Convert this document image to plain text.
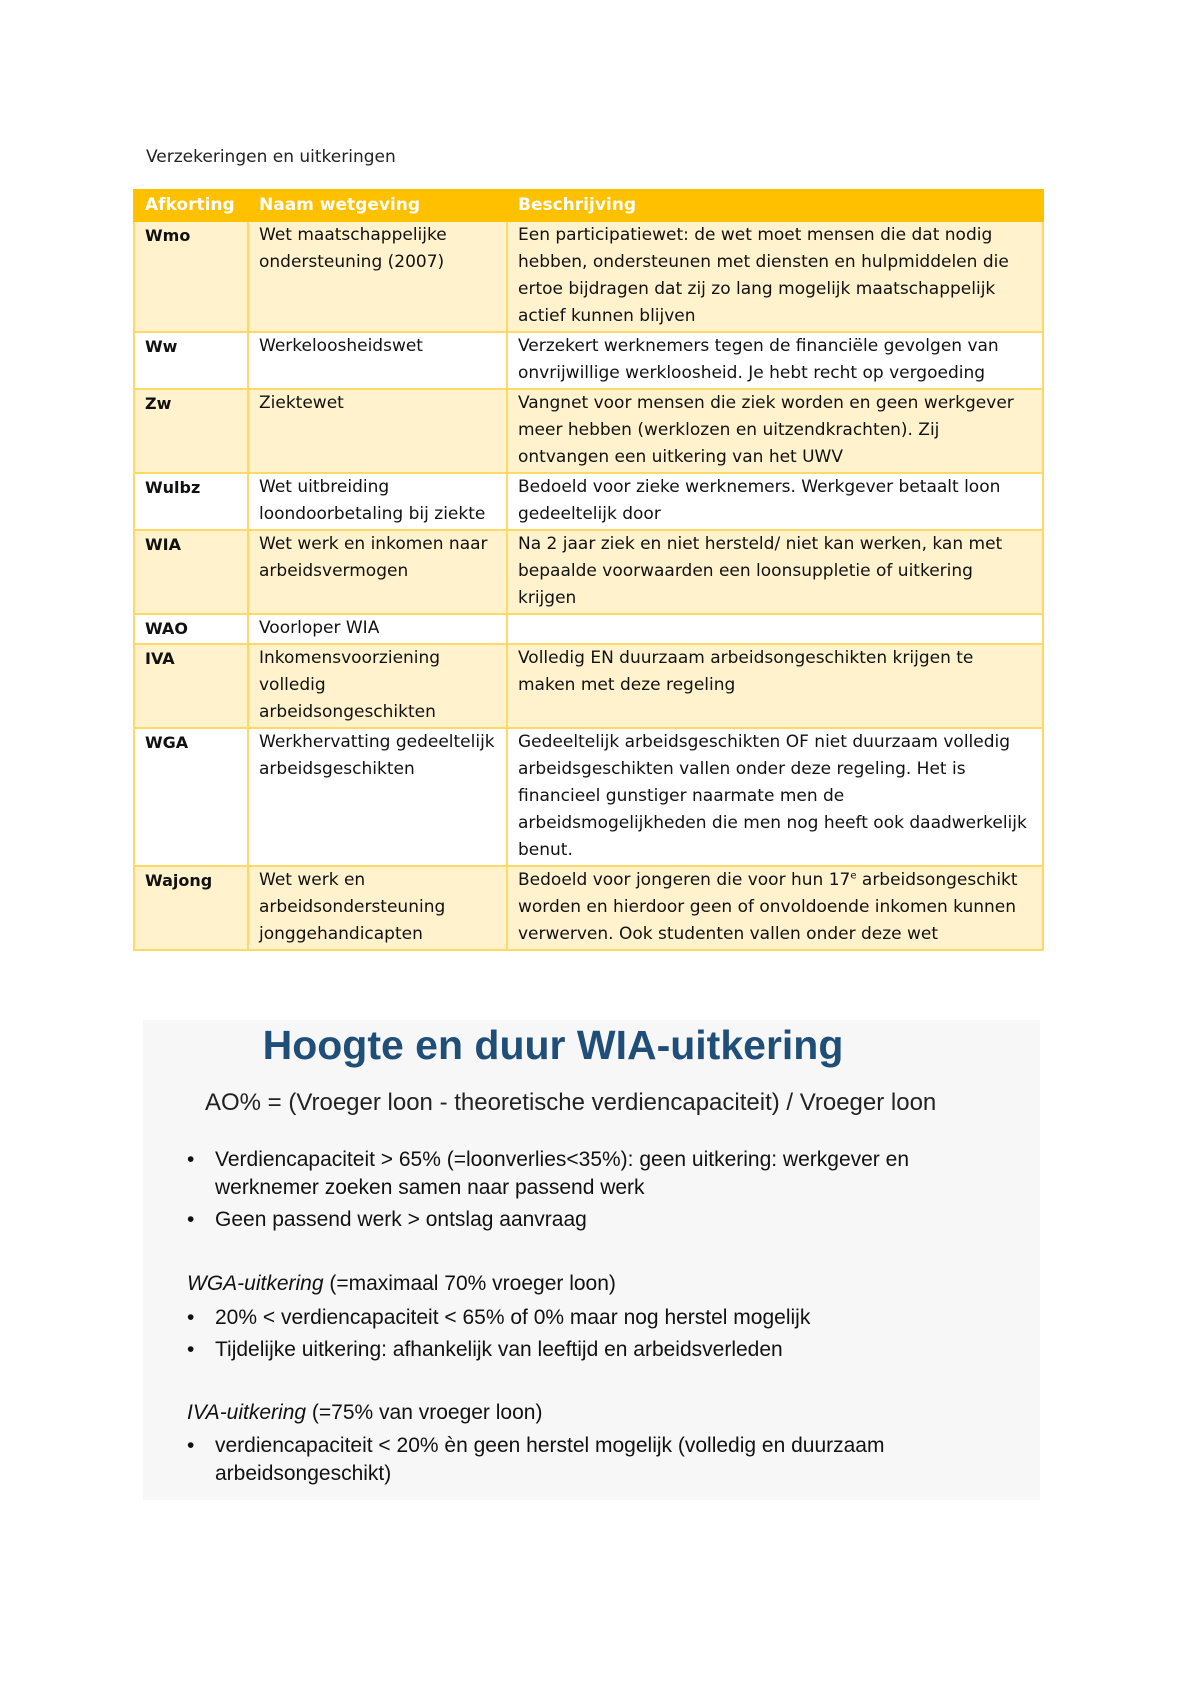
Verzekeringen en uitkeringen
Afkorting	Naam wetgeving	Beschrijving
Wmo	Wet maatschappelijke ondersteuning (2007)	Een participatiewet: de wet moet mensen die dat nodig hebben, ondersteunen met diensten en hulpmiddelen die ertoe bijdragen dat zij zo lang mogelijk maatschappelijk actief kunnen blijven
Ww	Werkeloosheidswet	Verzekert werknemers tegen de financiële gevolgen van onvrijwillige werkloosheid. Je hebt recht op vergoeding
Zw	Ziektewet	Vangnet voor mensen die ziek worden en geen werkgever meer hebben (werklozen en uitzendkrachten). Zij ontvangen een uitkering van het UWV
Wulbz	Wet uitbreiding loondoorbetaling bij ziekte	Bedoeld voor zieke werknemers. Werkgever betaalt loon gedeeltelijk door
WIA	Wet werk en inkomen naar arbeidsvermogen	Na 2 jaar ziek en niet hersteld/ niet kan werken, kan met bepaalde voorwaarden een loonsuppletie of uitkering krijgen
WAO	Voorloper WIA	
IVA	Inkomensvoorziening volledig arbeidsongeschikten	Volledig EN duurzaam arbeidsongeschikten krijgen te maken met deze regeling
WGA	Werkhervatting gedeeltelijk arbeidsgeschikten	Gedeeltelijk arbeidsgeschikten OF niet duurzaam volledig arbeidsgeschikten vallen onder deze regeling. Het is financieel gunstiger naarmate men de arbeidsmogelijkheden die men nog heeft ook daadwerkelijk benut.
Wajong	Wet werk en arbeidsondersteuning jonggehandicapten	Bedoeld voor jongeren die voor hun 17e arbeidsongeschikt worden en hierdoor geen of onvoldoende inkomen kunnen verwerven. Ook studenten vallen onder deze wet
Hoogte en duur WIA-uitkering
AO% = (Vroeger loon - theoretische verdiencapaciteit) / Vroeger loon
• Verdiencapaciteit > 65% (=loonverlies<35%): geen uitkering: werkgever en werknemer zoeken samen naar passend werk
• Geen passend werk > ontslag aanvraag
WGA-uitkering (=maximaal 70% vroeger loon)
• 20% < verdiencapaciteit < 65% of 0% maar nog herstel mogelijk
• Tijdelijke uitkering: afhankelijk van leeftijd en arbeidsverleden
IVA-uitkering (=75% van vroeger loon)
• verdiencapaciteit < 20% èn geen herstel mogelijk (volledig en duurzaam arbeidsongeschikt)
